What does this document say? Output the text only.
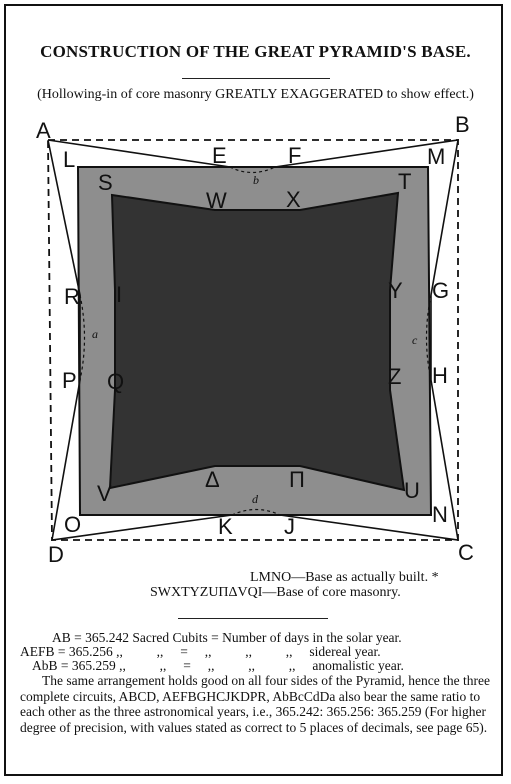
CONSTRUCTION OF THE GREAT PYRAMID'S BASE.
(Hollowing-in of core masonry GREATLY EXAGGERATED to show effect.)
A	B
C
D
E	F
L	M
G
H
R
P
O	N
K J
S	T
W	X
Y
Z
I
Q
V	U
Δ	Π
b
c
d
a
LMNO—Base as actually built. *
SWXTYZUΠΔVQI—Base of core masonry.
AB = 365.242 Sacred Cubits = Number of days in the solar year.
AEFB = 365.256 ,,          ,,     =     ,,          ,,          ,,     sidereal year.
AbB = 365.259 ,,          ,,     =     ,,          ,,          ,,     anomalistic year.
The same arrangement holds good on all four sides of the Pyramid, hence the three complete circuits, ABCD, AEFBGHCJKDPR, AbBcCdDa also bear the same ratio to each other as the three astronomical years, i.e., 365.242: 365.256: 365.259 (For higher degree of precision, with values stated as correct to 5 places of decimals, see page 65).
